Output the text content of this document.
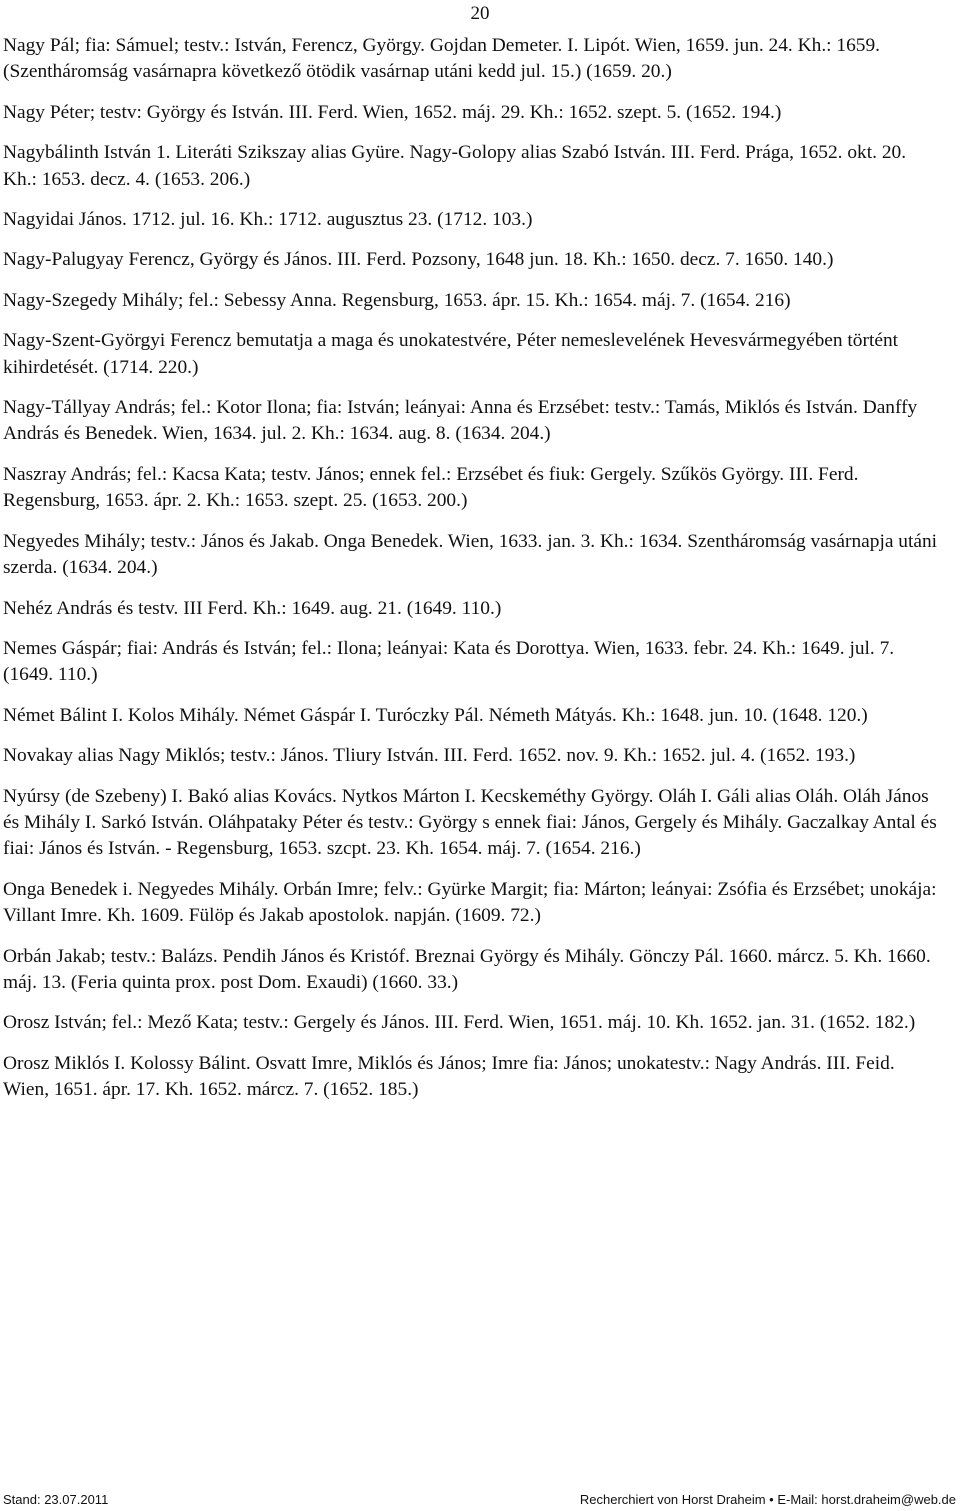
20

Nagy Pál; fia: Sámuel; testv.: István, Ferencz, György. Gojdan Demeter. I. Lipót. Wien, 1659. jun. 24. Kh.: 1659. (Szentháromság vasárnapra következő ötödik vasárnap utáni kedd jul. 15.) (1659. 20.)

Nagy Péter; testv: György és István. III. Ferd. Wien, 1652. máj. 29. Kh.: 1652. szept. 5. (1652. 194.)

Nagybálinth István 1. Literáti Szikszay alias Gyüre. Nagy-Golopy alias Szabó István. III. Ferd. Prága, 1652. okt. 20. Kh.: 1653. decz. 4. (1653. 206.)

Nagyidai János. 1712. jul. 16. Kh.: 1712. augusztus 23. (1712. 103.)

Nagy-Palugyay Ferencz, György és János. III. Ferd. Pozsony, 1648 jun. 18. Kh.: 1650. decz. 7. 1650. 140.)

Nagy-Szegedy Mihály; fel.: Sebessy Anna. Regensburg, 1653. ápr. 15. Kh.: 1654. máj. 7. (1654. 216)

Nagy-Szent-Györgyi Ferencz bemutatja a maga és unokatestvére, Péter nemeslevelének Hevesvármegyében történt kihirdetését. (1714. 220.)

Nagy-Tállyay András; fel.: Kotor Ilona; fia: István; leányai: Anna és Erzsébet: testv.: Tamás, Miklós és István. Danffy András és Benedek. Wien, 1634. jul. 2. Kh.: 1634. aug. 8. (1634. 204.)

Naszray András; fel.: Kacsa Kata; testv. János; ennek fel.: Erzsébet és fiuk: Gergely. Szűkös György. III. Ferd. Regensburg, 1653. ápr. 2. Kh.: 1653. szept. 25. (1653. 200.)

Negyedes Mihály; testv.: János és Jakab. Onga Benedek. Wien, 1633. jan. 3. Kh.: 1634. Szentháromság vasárnapja utáni szerda. (1634. 204.)

Nehéz András és testv. III Ferd. Kh.: 1649. aug. 21. (1649. 110.)

Nemes Gáspár; fiai: András és István; fel.: Ilona; leányai: Kata és Dorottya. Wien, 1633. febr. 24. Kh.: 1649. jul. 7. (1649. 110.)

Német Bálint I. Kolos Mihály. Német Gáspár I. Turóczky Pál. Németh Mátyás. Kh.: 1648. jun. 10. (1648. 120.)

Novakay alias Nagy Miklós; testv.: János. Tliury István. III. Ferd. 1652. nov. 9. Kh.: 1652. jul. 4. (1652. 193.)

Nyúrsy (de Szebeny) I. Bakó alias Kovács. Nytkos Márton I. Kecskeméthy György. Oláh I. Gáli alias Oláh. Oláh János és Mihály I. Sarkó István. Oláhpataky Péter és testv.: György s ennek fiai: János, Gergely és Mihály. Gaczalkay Antal és fiai: János és István. - Regensburg, 1653. szcpt. 23. Kh. 1654. máj. 7. (1654. 216.)

Onga Benedek i. Negyedes Mihály. Orbán Imre; felv.: Gyürke Margit; fia: Márton; leányai: Zsófia és Erzsébet; unokája: Villant Imre. Kh. 1609. Fülöp és Jakab apostolok. napján. (1609. 72.)

Orbán Jakab; testv.: Balázs. Pendih János és Kristóf. Breznai György és Mihály. Gönczy Pál. 1660. márcz. 5. Kh. 1660. máj. 13. (Feria quinta prox. post Dom. Exaudi) (1660. 33.)

Orosz István; fel.: Mező Kata; testv.: Gergely és János. III. Ferd. Wien, 1651. máj. 10. Kh. 1652. jan. 31. (1652. 182.)

Orosz Miklós I. Kolossy Bálint. Osvatt Imre, Miklós és János; Imre fia: János; unokatestv.: Nagy András. III. Feid. Wien, 1651. ápr. 17. Kh. 1652. márcz. 7. (1652. 185.)

Stand: 23.07.2011	Recherchiert von Horst Draheim • E-Mail: horst.draheim@web.de
